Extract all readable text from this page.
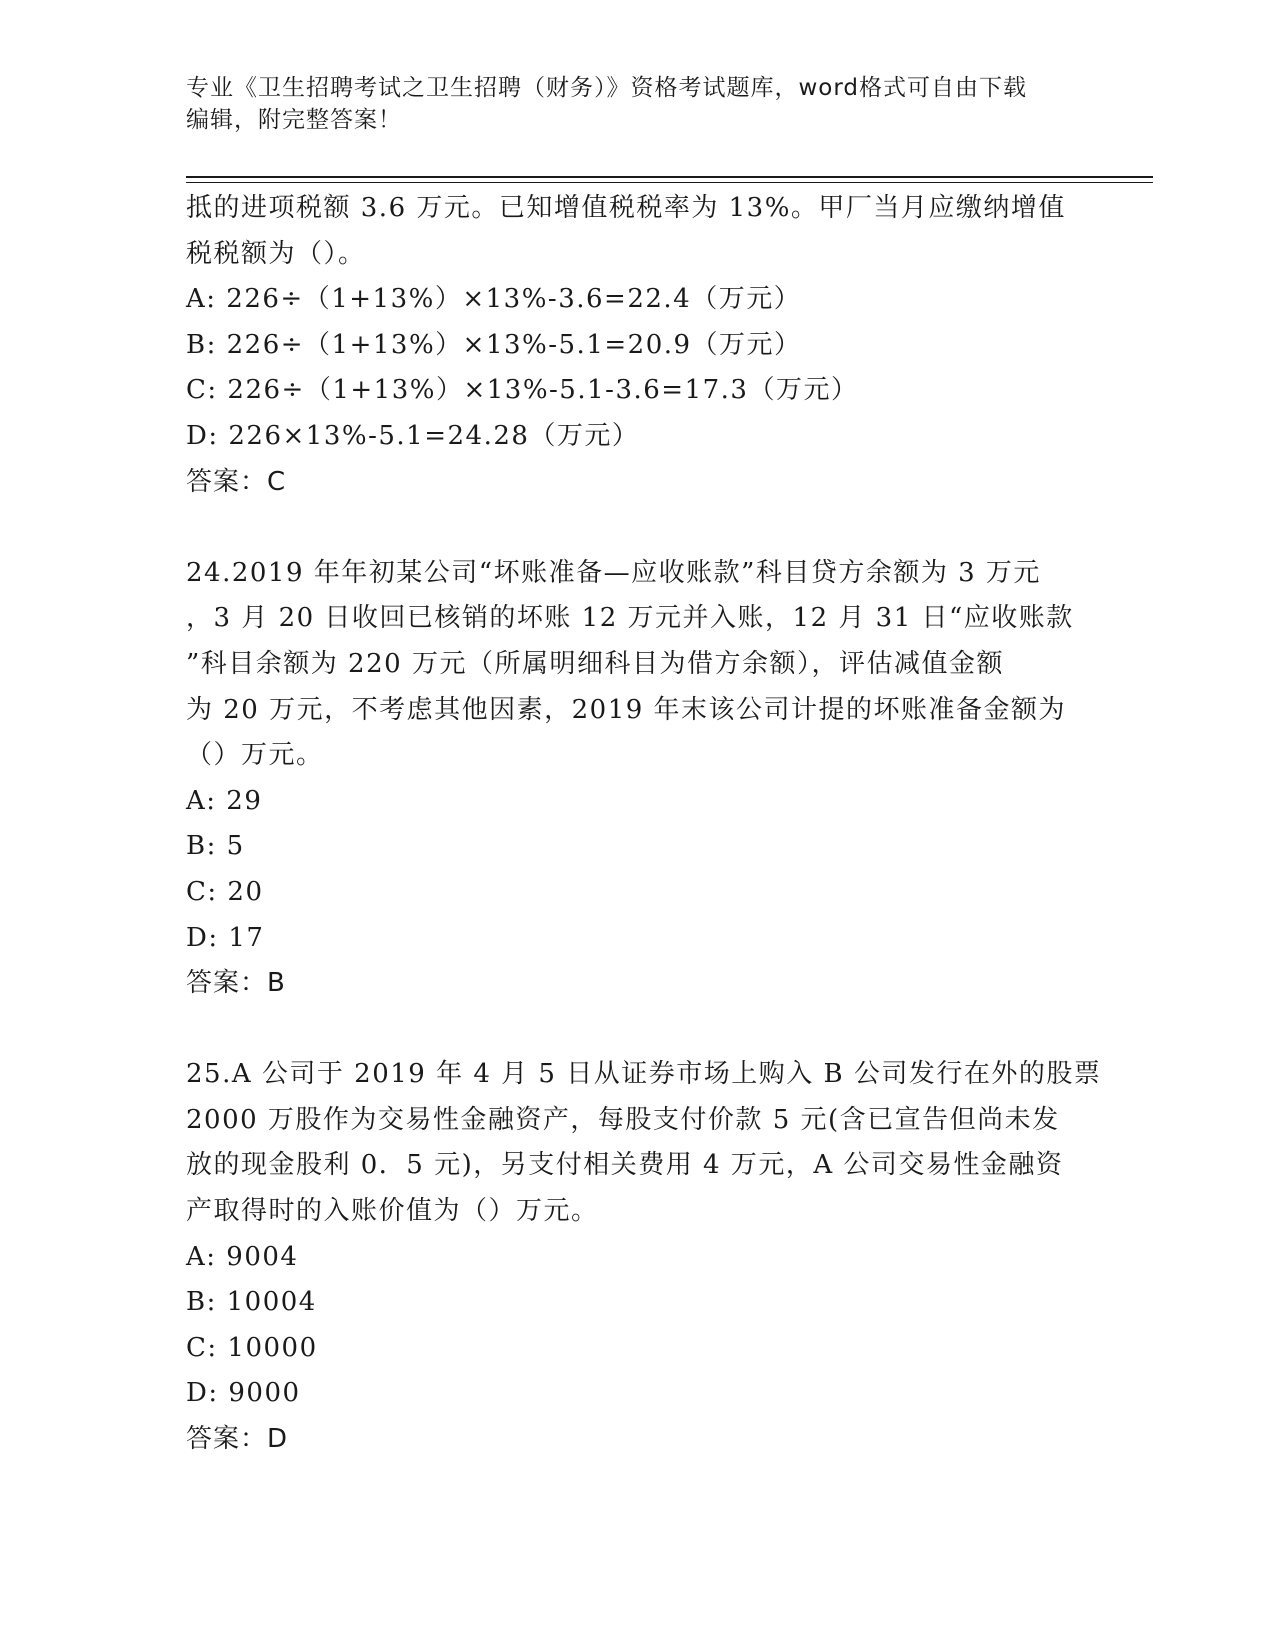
专业《卫生招聘考试之卫生招聘（财务）》资格考试题库，word格式可自由下载
编辑，附完整答案！
抵的进项税额 3.6 万元。已知增值税税率为 13%。甲厂当月应缴纳增值
税税额为（）。
A: 226÷（1+13%）×13%-3.6=22.4（万元）
B: 226÷（1+13%）×13%-5.1=20.9（万元）
C: 226÷（1+13%）×13%-5.1-3.6=17.3（万元）
D: 226×13%-5.1=24.28（万元）
答案：C
24.2019 年年初某公司“坏账准备—应收账款”科目贷方余额为 3 万元
，3 月 20 日收回已核销的坏账 12 万元并入账，12 月 31 日“应收账款
”科目余额为 220 万元（所属明细科目为借方余额），评估减值金额
为 20 万元，不考虑其他因素，2019 年末该公司计提的坏账准备金额为
（）万元。
A: 29
B: 5
C: 20
D: 17
答案：B
25.A 公司于 2019 年 4 月 5 日从证券市场上购入 B 公司发行在外的股票
2000 万股作为交易性金融资产，每股支付价款 5 元(含已宣告但尚未发
放的现金股利 0．5 元)，另支付相关费用 4 万元，A 公司交易性金融资
产取得时的入账价值为（）万元。
A: 9004
B: 10004
C: 10000
D: 9000
答案：D
